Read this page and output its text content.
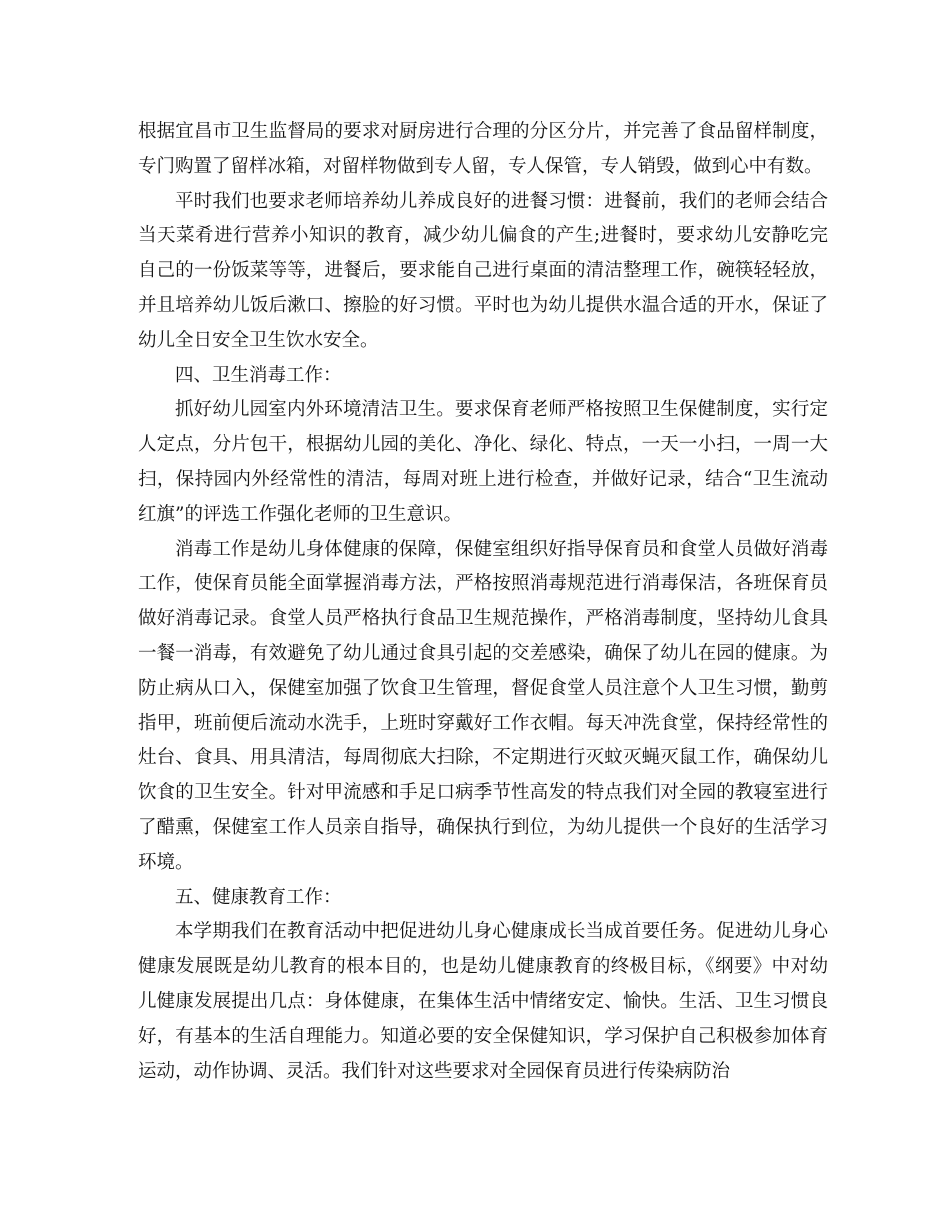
根据宜昌市卫生监督局的要求对厨房进行合理的分区分片，并完善了食品留样制度，专门购置了留样冰箱，对留样物做到专人留，专人保管，专人销毁，做到心中有数。

平时我们也要求老师培养幼儿养成良好的进餐习惯：进餐前，我们的老师会结合当天菜肴进行营养小知识的教育，减少幼儿偏食的产生;进餐时，要求幼儿安静吃完自己的一份饭菜等等，进餐后，要求能自己进行桌面的清洁整理工作，碗筷轻轻放，并且培养幼儿饭后漱口、擦脸的好习惯。平时也为幼儿提供水温合适的开水，保证了幼儿全日安全卫生饮水安全。

四、卫生消毒工作：

抓好幼儿园室内外环境清洁卫生。要求保育老师严格按照卫生保健制度，实行定人定点，分片包干，根据幼儿园的美化、净化、绿化、特点，一天一小扫，一周一大扫，保持园内外经常性的清洁，每周对班上进行检查，并做好记录，结合“卫生流动红旗”的评选工作强化老师的卫生意识。

消毒工作是幼儿身体健康的保障，保健室组织好指导保育员和食堂人员做好消毒工作，使保育员能全面掌握消毒方法，严格按照消毒规范进行消毒保洁，各班保育员做好消毒记录。食堂人员严格执行食品卫生规范操作，严格消毒制度，坚持幼儿食具一餐一消毒，有效避免了幼儿通过食具引起的交差感染，确保了幼儿在园的健康。为防止病从口入，保健室加强了饮食卫生管理，督促食堂人员注意个人卫生习惯，勤剪指甲，班前便后流动水洗手，上班时穿戴好工作衣帽。每天冲洗食堂，保持经常性的灶台、食具、用具清洁，每周彻底大扫除，不定期进行灭蚊灭蝇灭鼠工作，确保幼儿饮食的卫生安全。针对甲流感和手足口病季节性高发的特点我们对全园的教寝室进行了醋熏，保健室工作人员亲自指导，确保执行到位，为幼儿提供一个良好的生活学习环境。

五、健康教育工作：

本学期我们在教育活动中把促进幼儿身心健康成长当成首要任务。促进幼儿身心健康发展既是幼儿教育的根本目的，也是幼儿健康教育的终极目标，《纲要》中对幼儿健康发展提出几点：身体健康，在集体生活中情绪安定、愉快。生活、卫生习惯良好，有基本的生活自理能力。知道必要的安全保健知识，学习保护自己积极参加体育运动，动作协调、灵活。我们针对这些要求对全园保育员进行传染病防治
